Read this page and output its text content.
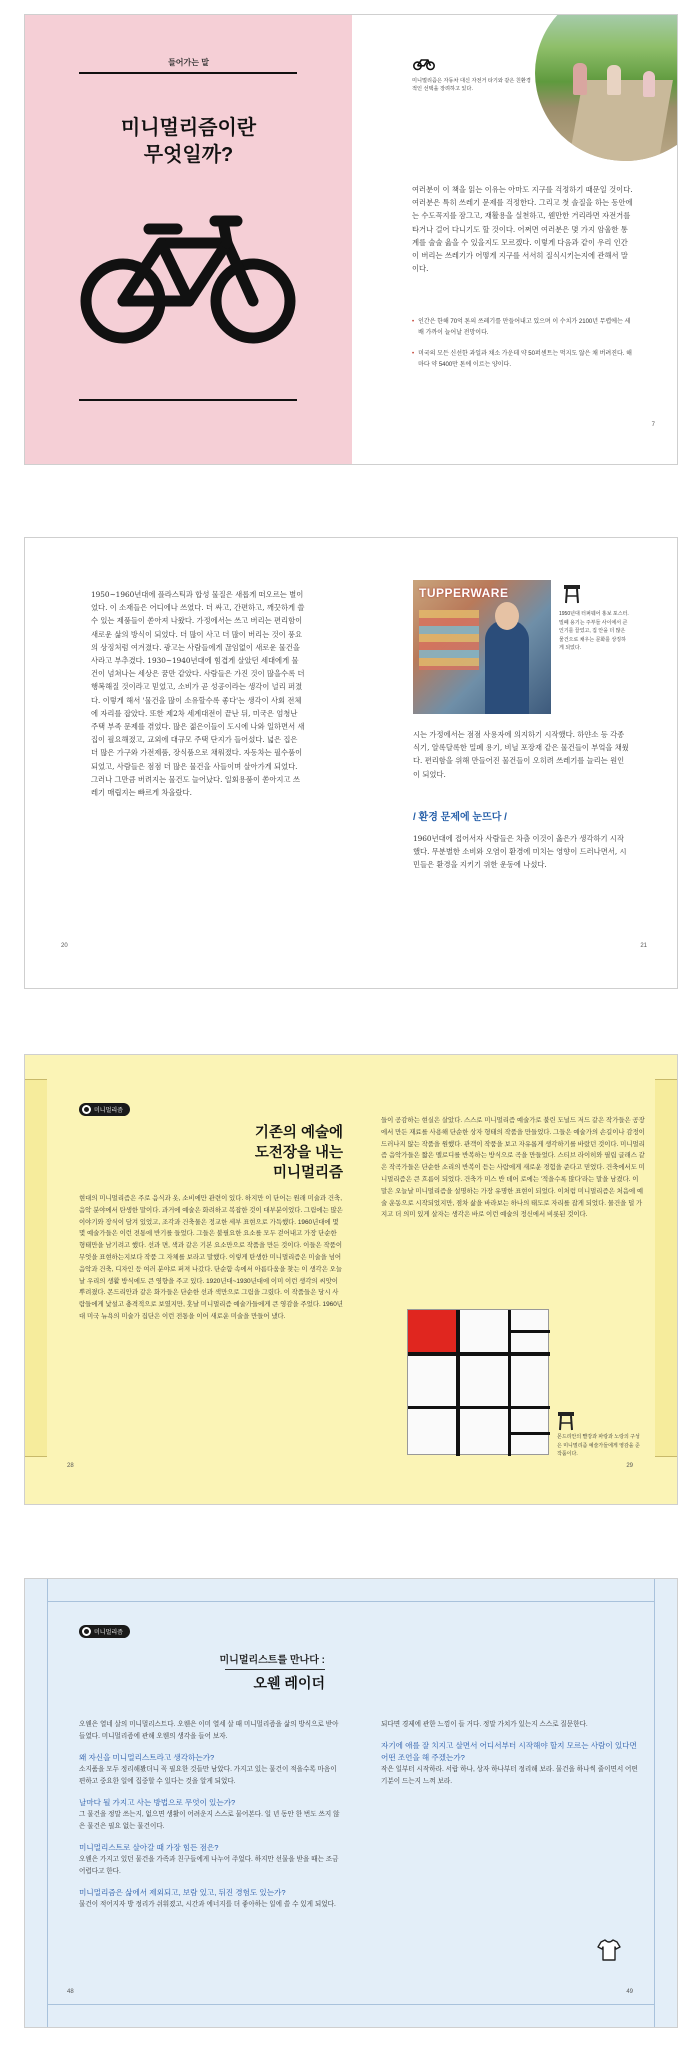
들어가는 말
미니멀리즘이란
무엇일까?
미니멀리즘은 자동차 대신 자전거 타기와 같은 친환경적인 선택을 장려하고 있다.
여러분이 이 책을 읽는 이유는 아마도 지구를 걱정하기 때문일 것이다. 여러분은 특히 쓰레기 문제를 걱정한다. 그리고 첫 솔질을 하는 동안에는 수도꼭지를 잠그고, 재활용을 실천하고, 웬만한 거리라면 자전거를 타거나 걸어 다니기도 할 것이다. 어쩌면 여러분은 몇 가지 암울한 통계를 술술 읊을 수 있을지도 모르겠다. 이렇게 다음과 같이 우리 인간이 버리는 쓰레기가 어떻게 지구를 서서히 질식시키는지에 관해서 말이다.
• 인간은 한해 70억 톤의 쓰레기를 만들어내고 있으며 이 수치가 2100년 무렵에는 세 배 가까이 늘어날 전망이다.
• 미국의 모든 신선한 과일과 채소 가운데 약 50퍼센트는 먹지도 않은 채 버려진다. 해마다 약 5400만 톤에 이르는 양이다.
7
1950~1960년대에 플라스틱과 합성 물질은 새롭게 떠오르는 별이었다. 이 소재들은 어디에나 쓰였다. 더 싸고, 간편하고, 깨끗하게 쓸 수 있는 제품들이 쏟아져 나왔다. 가정에서는 쓰고 버리는 편리함이 새로운 삶의 방식이 되었다. 더 많이 사고 더 많이 버리는 것이 풍요의 상징처럼 여겨졌다. 광고는 사람들에게 끊임없이 새로운 물건을 사라고 부추겼다. 1930~1940년대에 힘겹게 살았던 세대에게 물건이 넘쳐나는 세상은 꿈만 같았다. 사람들은 가진 것이 많을수록 더 행복해질 것이라고 믿었고, 소비가 곧 성공이라는 생각이 널리 퍼졌다. 이렇게 해서 '물건을 많이 소유할수록 좋다'는 생각이 사회 전체에 자리를 잡았다. 또한 제2차 세계대전이 끝난 뒤, 미국은 엄청난 주택 부족 문제를 겪었다. 많은 젊은이들이 도시에 나와 일하면서 새 집이 필요해졌고, 교외에 대규모 주택 단지가 들어섰다. 넓은 집은 더 많은 가구와 가전제품, 장식품으로 채워졌다. 자동차는 필수품이 되었고, 사람들은 점점 더 많은 물건을 사들이며 살아가게 되었다. 그러나 그만큼 버려지는 물건도 늘어났다. 일회용품이 쏟아지고 쓰레기 매립지는 빠르게 차올랐다.
20
TUPPERWARE
1950년대 터퍼웨어 홍보 포스터. 밀폐 용기는 주부들 사이에서 큰 인기를 끌었고, 집 안을 더 많은 물건으로 채우는 문화를 상징하게 되었다.
시는 가정에서는 점점 사용자에 의지하기 시작했다. 하얀소 등 각종 식기, 알록달록한 밀폐 용기, 비닐 포장재 같은 물건들이 부엌을 채웠다. 편리함을 위해 만들어진 물건들이 오히려 쓰레기를 늘리는 원인이 되었다.
/ 환경 문제에 눈뜨다 /
1960년대에 접어서자 사람들은 차츰 이것이 옳은가 생각하기 시작했다. 무분별한 소비와 오염이 환경에 미치는 영향이 드러나면서, 시민들은 환경을 지키기 위한 운동에 나섰다.
21
미니멀리즘
기존의 예술에
도전장을 내는
미니멀리즘
현대의 미니멀리즘은 주로 음식과 옷, 소비에만 관련이 있다. 하지만 이 단어는 원래 미술과 건축, 음악 분야에서 탄생한 말이다. 과거에 예술은 화려하고 복잡한 것이 대부분이었다. 그림에는 많은 이야기와 장식이 담겨 있었고, 조각과 건축물은 정교한 세부 표현으로 가득했다. 1960년대에 몇몇 예술가들은 이런 전통에 반기를 들었다. 그들은 불필요한 요소를 모두 걷어내고 가장 단순한 형태만을 남기려고 했다. 선과 면, 색과 같은 기본 요소만으로 작품을 만든 것이다. 이들은 작품이 무엇을 표현하는지보다 작품 그 자체를 보라고 말했다. 이렇게 탄생한 미니멀리즘은 미술을 넘어 음악과 건축, 디자인 등 여러 분야로 퍼져 나갔다. 단순함 속에서 아름다움을 찾는 이 생각은 오늘날 우리의 생활 방식에도 큰 영향을 주고 있다. 1920년대~1930년대에 이미 이런 생각의 씨앗이 뿌려졌다. 몬드리안과 같은 화가들은 단순한 선과 색만으로 그림을 그렸다. 이 작품들은 당시 사람들에게 낯설고 충격적으로 보였지만, 훗날 미니멀리즘 예술가들에게 큰 영감을 주었다. 1960년대 미국 뉴욕의 미술가 집단은 이런 전통을 이어 새로운 미술을 만들어 냈다.
28
들이 공감하는 현실은 살았다. 스스로 미니멀리즘 예술가로 불린 도널드 저드 같은 작가들은 공장에서 만든 재료를 사용해 단순한 상자 형태의 작품을 만들었다. 그들은 예술가의 손길이나 감정이 드러나지 않는 작품을 원했다. 관객이 작품을 보고 자유롭게 생각하기를 바랐던 것이다. 미니멀리즘 음악가들은 짧은 멜로디를 반복하는 방식으로 곡을 만들었다. 스티브 라이히와 필립 글래스 같은 작곡가들은 단순한 소리의 반복이 듣는 사람에게 새로운 경험을 준다고 믿었다. 건축에서도 미니멀리즘은 큰 흐름이 되었다. 건축가 미스 반 데어 로에는 '적을수록 많다'라는 말을 남겼다. 이 말은 오늘날 미니멀리즘을 설명하는 가장 유명한 표현이 되었다. 이처럼 미니멀리즘은 처음에 예술 운동으로 시작되었지만, 점차 삶을 바라보는 하나의 태도로 자리를 잡게 되었다. 물건을 덜 가지고 더 의미 있게 살자는 생각은 바로 이런 예술의 정신에서 비롯된 것이다.
몬드리안의 빨강과 파랑과 노랑의 구성은 미니멀리즘 예술가들에게 영감을 준 작품이다.
29
미니멀리즘
미니멀리스트를 만나다 :
오웬 레이더
오웬은 열네 살의 미니멀리스트다. 오웬은 이미 열세 살 때 미니멀리즘을 삶의 방식으로 받아들였다. 미니멀리즘에 관해 오웬의 생각을 들어 보자.
왜 자신을 미니멀리스트라고 생각하는가?
소지품을 모두 정리해봤더니 꼭 필요한 것들만 남았다. 가지고 있는 물건이 적을수록 마음이 편하고 중요한 일에 집중할 수 있다는 것을 알게 되었다.
날마다 될 가지고 사는 방법으로 무엇이 있는가?
그 물건을 정말 쓰는지, 없으면 생활이 어려운지 스스로 물어본다. 일 년 동안 한 번도 쓰지 않은 물건은 필요 없는 물건이다.
미니멀리스트로 살아갈 때 가장 힘든 점은?
오웬은 가지고 있던 물건을 가족과 친구들에게 나누어 주었다. 하지만 선물을 받을 때는 조금 어렵다고 한다.
미니멀리즘은 삶에서 제외되고, 보람 있고, 뒤진 경험도 있는가?
물건이 적어지자 방 정리가 쉬워졌고, 시간과 에너지를 더 좋아하는 일에 쓸 수 있게 되었다.
48
되다면 경제에 관한 느낌이 들 거다. 정말 가치가 있는지 스스로 질문한다.
자기에 애를 잘 치지고 살면서 어디서부터 시작해야 할지 모르는 사람이 있다면 어떤 조언을 해 주겠는가?
작은 일부터 시작하라. 서랍 하나, 상자 하나부터 정리해 보라. 물건을 하나씩 줄이면서 어떤 기분이 드는지 느껴 보라.
49
